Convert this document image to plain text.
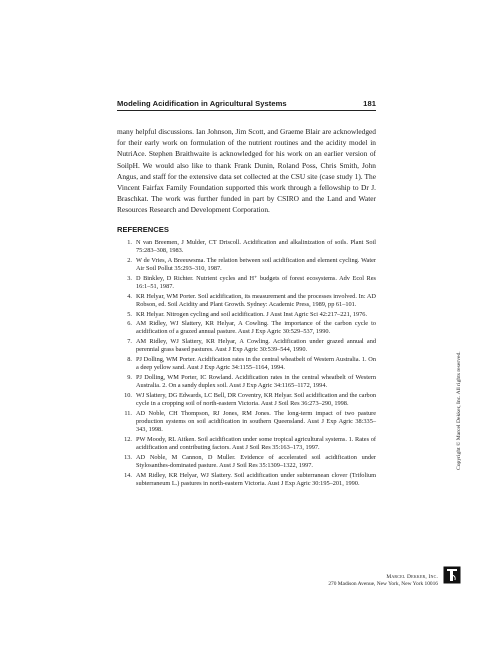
Modeling Acidification in Agricultural Systems	181

many helpful discussions. Ian Johnson, Jim Scott, and Graeme Blair are acknowledged for their early work on formulation of the nutrient routines and the acidity model in NutriAce. Stephen Braithwaite is acknowledged for his work on an earlier version of SoilpH. We would also like to thank Frank Dunin, Roland Poss, Chris Smith, John Angus, and staff for the extensive data set collected at the CSU site (case study 1). The Vincent Fairfax Family Foundation supported this work through a fellowship to Dr J. Braschkat. The work was further funded in part by CSIRO and the Land and Water Resources Research and Development Corporation.

REFERENCES
1. N van Breemen, J Mulder, CT Driscoll. Acidification and alkalinization of soils. Plant Soil 75:283–308, 1983.
2. W de Vries, A Breeuwsma. The relation between soil acidification and element cycling. Water Air Soil Pollut 35:293–310, 1987.
3. D Binkley, D Richter. Nutrient cycles and H⁺ budgets of forest ecosystems. Adv Ecol Res 16:1–51, 1987.
4. KR Helyar, WM Porter. Soil acidification, its measurement and the processes involved. In: AD Robson, ed. Soil Acidity and Plant Growth. Sydney: Academic Press, 1989, pp 61–101.
5. KR Helyar. Nitrogen cycling and soil acidification. J Aust Inst Agric Sci 42:217–221, 1976.
6. AM Ridley, WJ Slattery, KR Helyar, A Cowling. The importance of the carbon cycle to acidification of a grazed annual pasture. Aust J Exp Agric 30:529–537, 1990.
7. AM Ridley, WJ Slattery, KR Helyar, A Cowling. Acidification under grazed annual and perennial grass based pastures. Aust J Exp Agric 30:539–544, 1990.
8. PJ Dolling, WM Porter. Acidification rates in the central wheatbelt of Western Australia. 1. On a deep yellow sand. Aust J Exp Agric 34:1155–1164, 1994.
9. PJ Dolling, WM Porter, IC Rowland. Acidification rates in the central wheatbelt of Western Australia. 2. On a sandy duplex soil. Aust J Exp Agric 34:1165–1172, 1994.
10. WJ Slattery, DG Edwards, LC Bell, DR Coventry, KR Helyar. Soil acidification and the carbon cycle in a cropping soil of north-eastern Victoria. Aust J Soil Res 36:273–290, 1998.
11. AD Noble, CH Thompson, RJ Jones, RM Jones. The long-term impact of two pasture production systems on soil acidification in southern Queensland. Aust J Exp Agric 38:335–343, 1998.
12. PW Moody, RL Aitken. Soil acidification under some tropical agricultural systems. 1. Rates of acidification and contributing factors. Aust J Soil Res 35:163–173, 1997.
13. AD Noble, M Cannon, D Muller. Evidence of accelerated soil acidification under Stylosanthes-dominated pasture. Aust J Soil Res 35:1309–1322, 1997.
14. AM Ridley, KR Helyar, WJ Slattery. Soil acidification under subterranean clover (Trifolium subterraneum L.) pastures in north-eastern Victoria. Aust J Exp Agric 30:195–201, 1990.
Copyright © Marcel Dekker, Inc. All rights reserved.
Marcel Dekker, Inc.
270 Madison Avenue, New York, New York 10016
